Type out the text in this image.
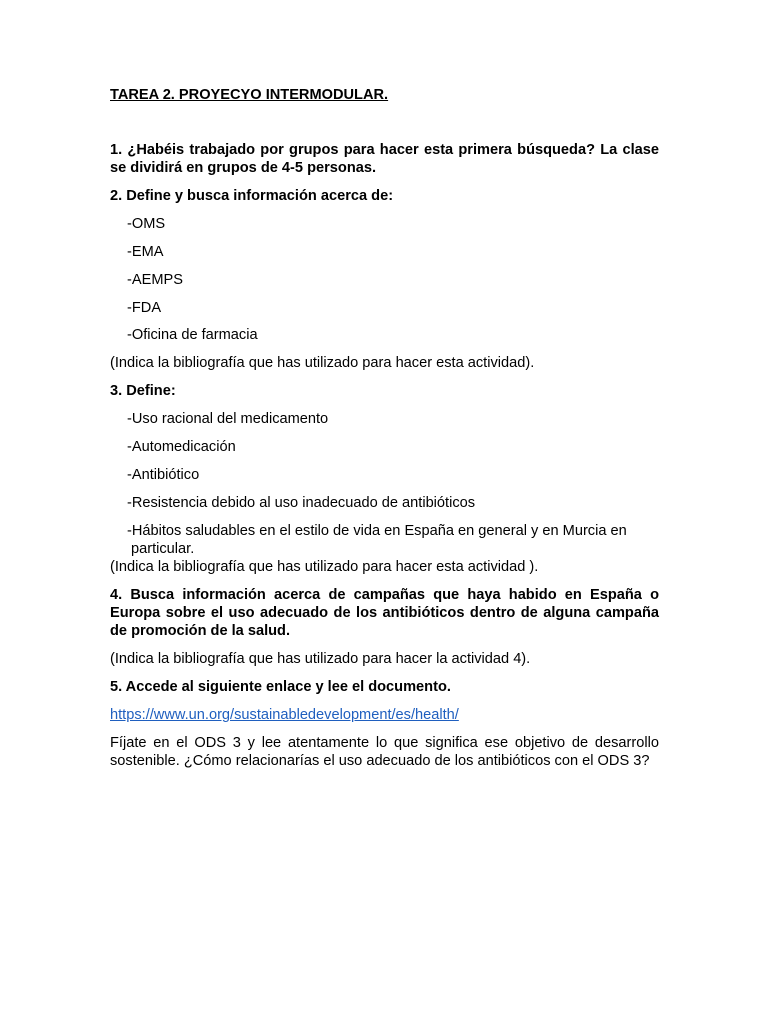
TAREA 2. PROYECYO INTERMODULAR.
1. ¿Habéis trabajado por grupos para hacer esta primera búsqueda? La clase se dividirá en grupos de 4-5 personas.
2. Define y busca información acerca de:
-OMS
-EMA
-AEMPS
-FDA
-Oficina de farmacia
(Indica la bibliografía que has utilizado para hacer esta actividad).
3. Define:
-Uso racional del medicamento
-Automedicación
-Antibiótico
-Resistencia debido al uso inadecuado de antibióticos
-Hábitos saludables en el estilo de vida en España en general y en Murcia en
particular.
(Indica la bibliografía que has utilizado para hacer esta actividad ).
4. Busca información acerca de campañas que haya habido en España o Europa sobre el uso adecuado de los antibióticos dentro de alguna campaña de promoción de la salud.
(Indica la bibliografía que has utilizado para hacer la actividad 4).
5. Accede al siguiente enlace y lee el documento.
https://www.un.org/sustainabledevelopment/es/health/
Fíjate en el ODS 3 y lee atentamente lo que significa ese objetivo de desarrollo sostenible. ¿Cómo relacionarías el uso adecuado de los antibióticos con el ODS 3?
